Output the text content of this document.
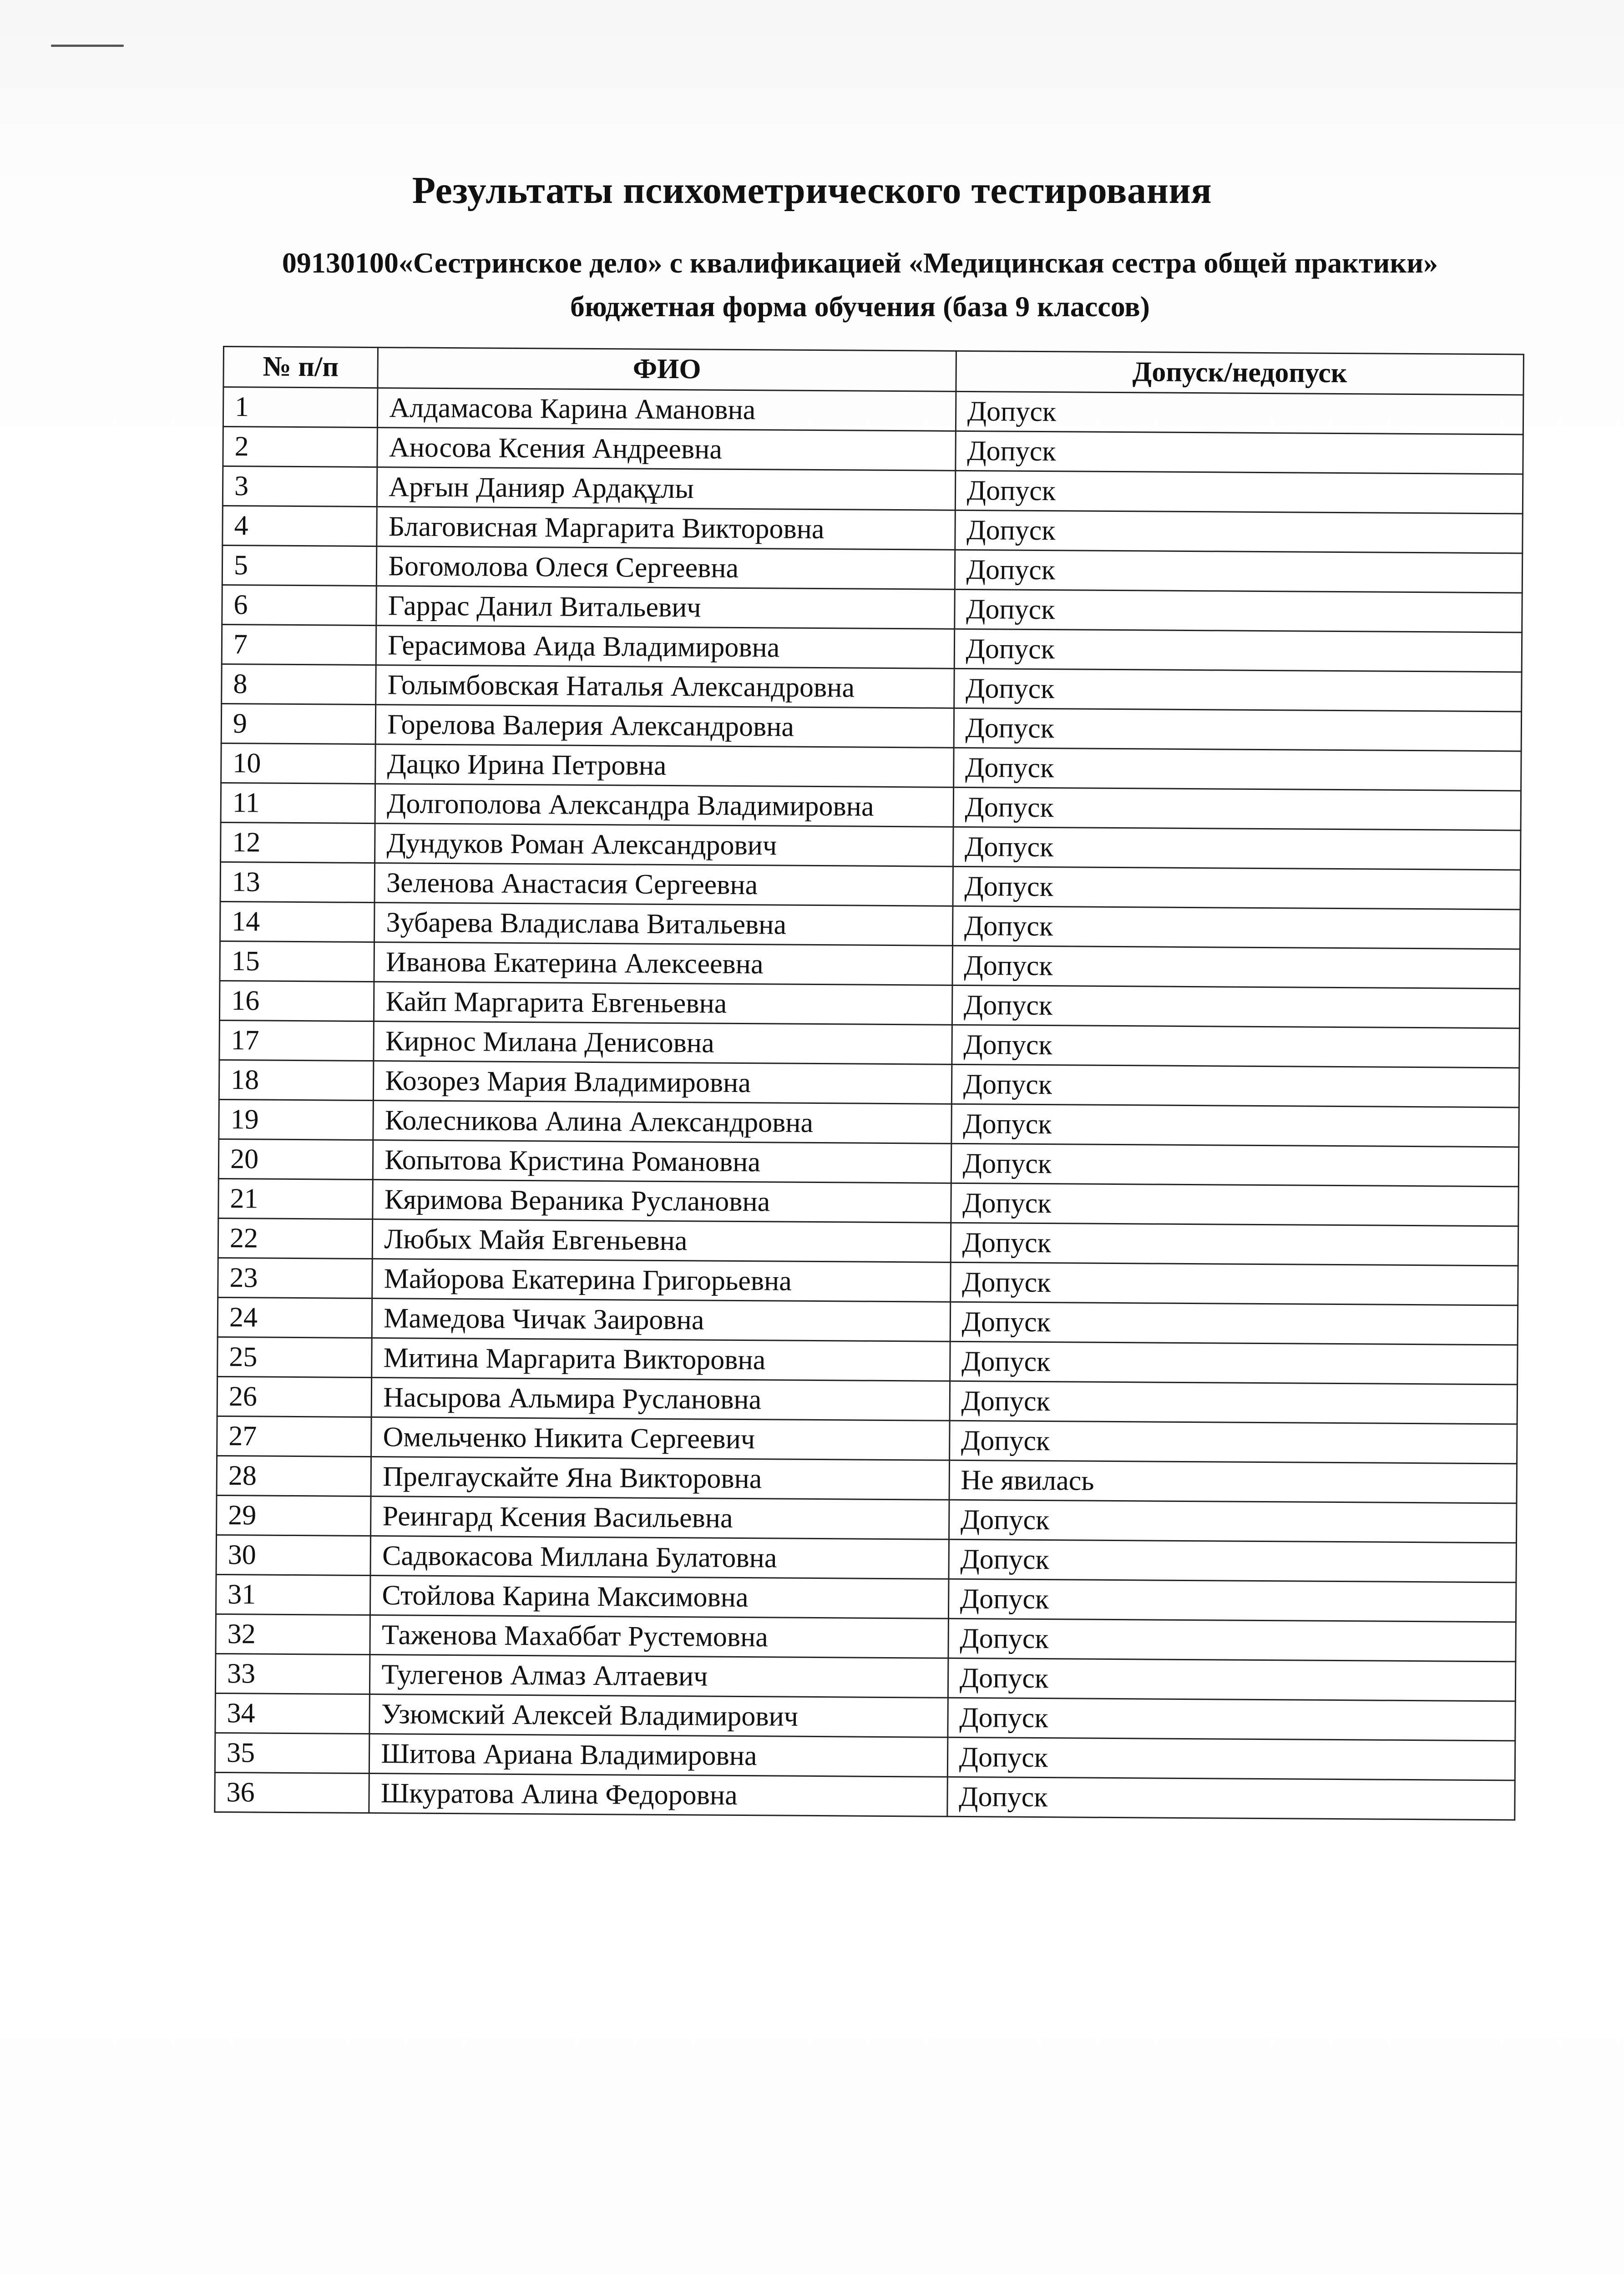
Результаты психометрического тестирования
09130100«Сестринское дело» с квалификацией «Медицинская сестра общей практики» бюджетная форма обучения (база 9 классов)
№ п/п	ФИО	Допуск/недопуск
1	Алдамасова Карина Амановна	Допуск
2	Аносова Ксения Андреевна	Допуск
3	Арғын Данияр Ардақұлы	Допуск
4	Благовисная Маргарита Викторовна	Допуск
5	Богомолова Олеся Сергеевна	Допуск
6	Гаррас Данил Витальевич	Допуск
7	Герасимова Аида Владимировна	Допуск
8	Голымбовская Наталья Александровна	Допуск
9	Горелова Валерия Александровна	Допуск
10	Дацко Ирина Петровна	Допуск
11	Долгополова Александра Владимировна	Допуск
12	Дундуков Роман Александрович	Допуск
13	Зеленова Анастасия Сергеевна	Допуск
14	Зубарева Владислава Витальевна	Допуск
15	Иванова Екатерина Алексеевна	Допуск
16	Кайп Маргарита Евгеньевна	Допуск
17	Кирнос Милана Денисовна	Допуск
18	Козорез Мария Владимировна	Допуск
19	Колесникова Алина Александровна	Допуск
20	Копытова Кристина Романовна	Допуск
21	Кяримова Вераника Руслановна	Допуск
22	Любых Майя Евгеньевна	Допуск
23	Майорова Екатерина Григорьевна	Допуск
24	Мамедова Чичак Заировна	Допуск
25	Митина Маргарита Викторовна	Допуск
26	Насырова Альмира Руслановна	Допуск
27	Омельченко Никита Сергеевич	Допуск
28	Прелгаускайте Яна Викторовна	Не явилась
29	Реингард Ксения Васильевна	Допуск
30	Садвокасова Миллана Булатовна	Допуск
31	Стойлова Карина Максимовна	Допуск
32	Таженова Махаббат Рустемовна	Допуск
33	Тулегенов Алмаз Алтаевич	Допуск
34	Узюмский Алексей Владимирович	Допуск
35	Шитова Ариана Владимировна	Допуск
36	Шкуратова Алина Федоровна	Допуск
